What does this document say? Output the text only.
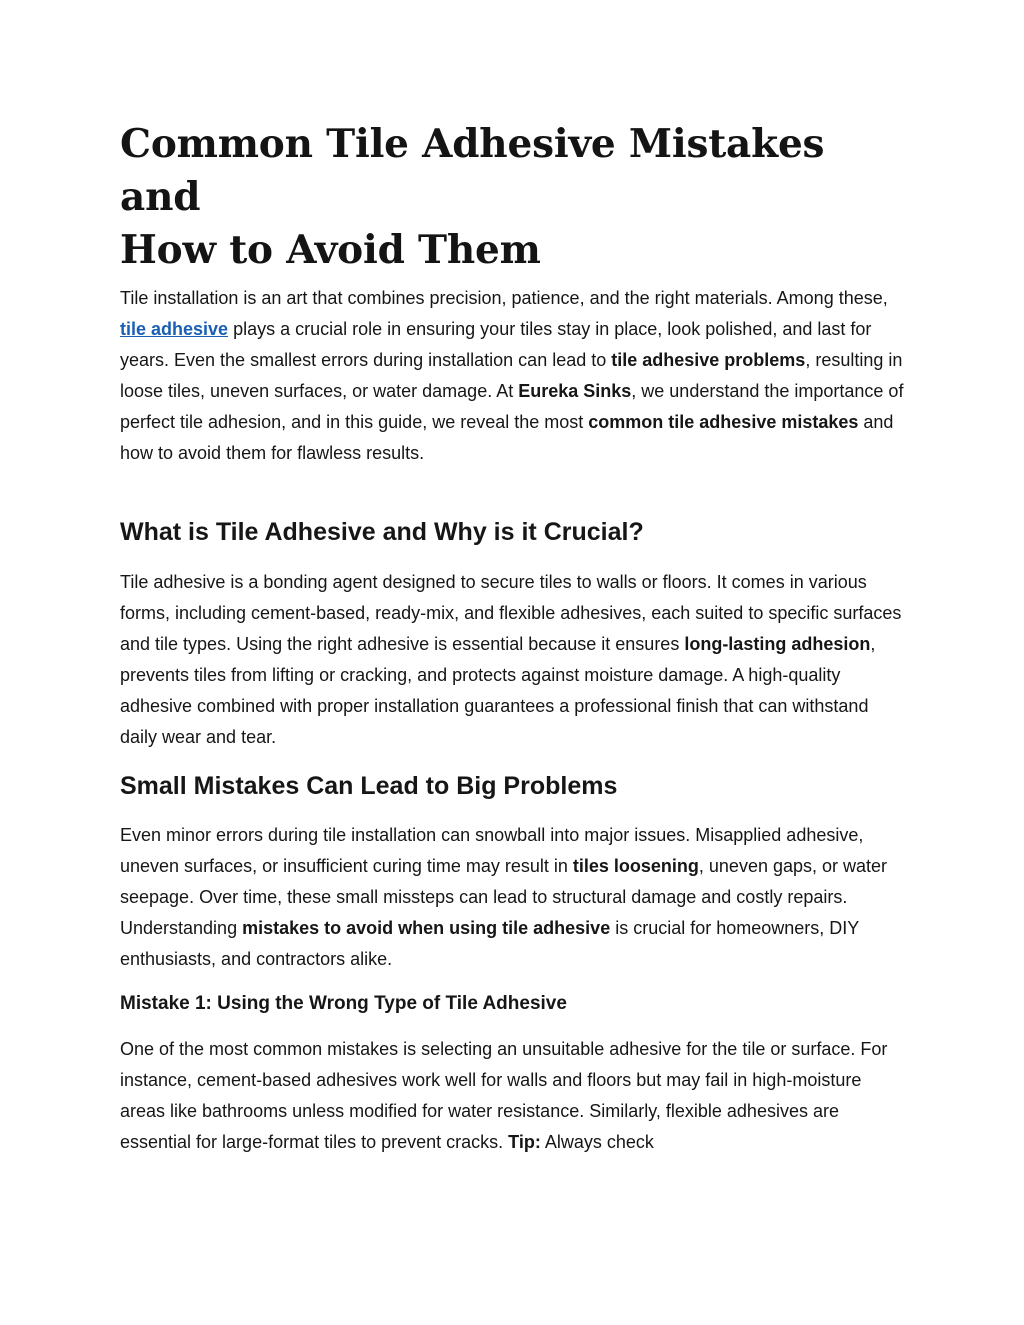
Common Tile Adhesive Mistakes and
How to Avoid Them

Tile installation is an art that combines precision, patience, and the right materials. Among these, tile adhesive plays a crucial role in ensuring your tiles stay in place, look polished, and last for years. Even the smallest errors during installation can lead to tile adhesive problems, resulting in loose tiles, uneven surfaces, or water damage. At Eureka Sinks, we understand the importance of perfect tile adhesion, and in this guide, we reveal the most common tile adhesive mistakes and how to avoid them for flawless results.

What is Tile Adhesive and Why is it Crucial?

Tile adhesive is a bonding agent designed to secure tiles to walls or floors. It comes in various forms, including cement-based, ready-mix, and flexible adhesives, each suited to specific surfaces and tile types. Using the right adhesive is essential because it ensures long-lasting adhesion, prevents tiles from lifting or cracking, and protects against moisture damage. A high-quality adhesive combined with proper installation guarantees a professional finish that can withstand daily wear and tear.

Small Mistakes Can Lead to Big Problems

Even minor errors during tile installation can snowball into major issues. Misapplied adhesive, uneven surfaces, or insufficient curing time may result in tiles loosening, uneven gaps, or water seepage. Over time, these small missteps can lead to structural damage and costly repairs. Understanding mistakes to avoid when using tile adhesive is crucial for homeowners, DIY enthusiasts, and contractors alike.

Mistake 1: Using the Wrong Type of Tile Adhesive

One of the most common mistakes is selecting an unsuitable adhesive for the tile or surface. For instance, cement-based adhesives work well for walls and floors but may fail in high-moisture areas like bathrooms unless modified for water resistance. Similarly, flexible adhesives are essential for large-format tiles to prevent cracks. Tip: Always check
